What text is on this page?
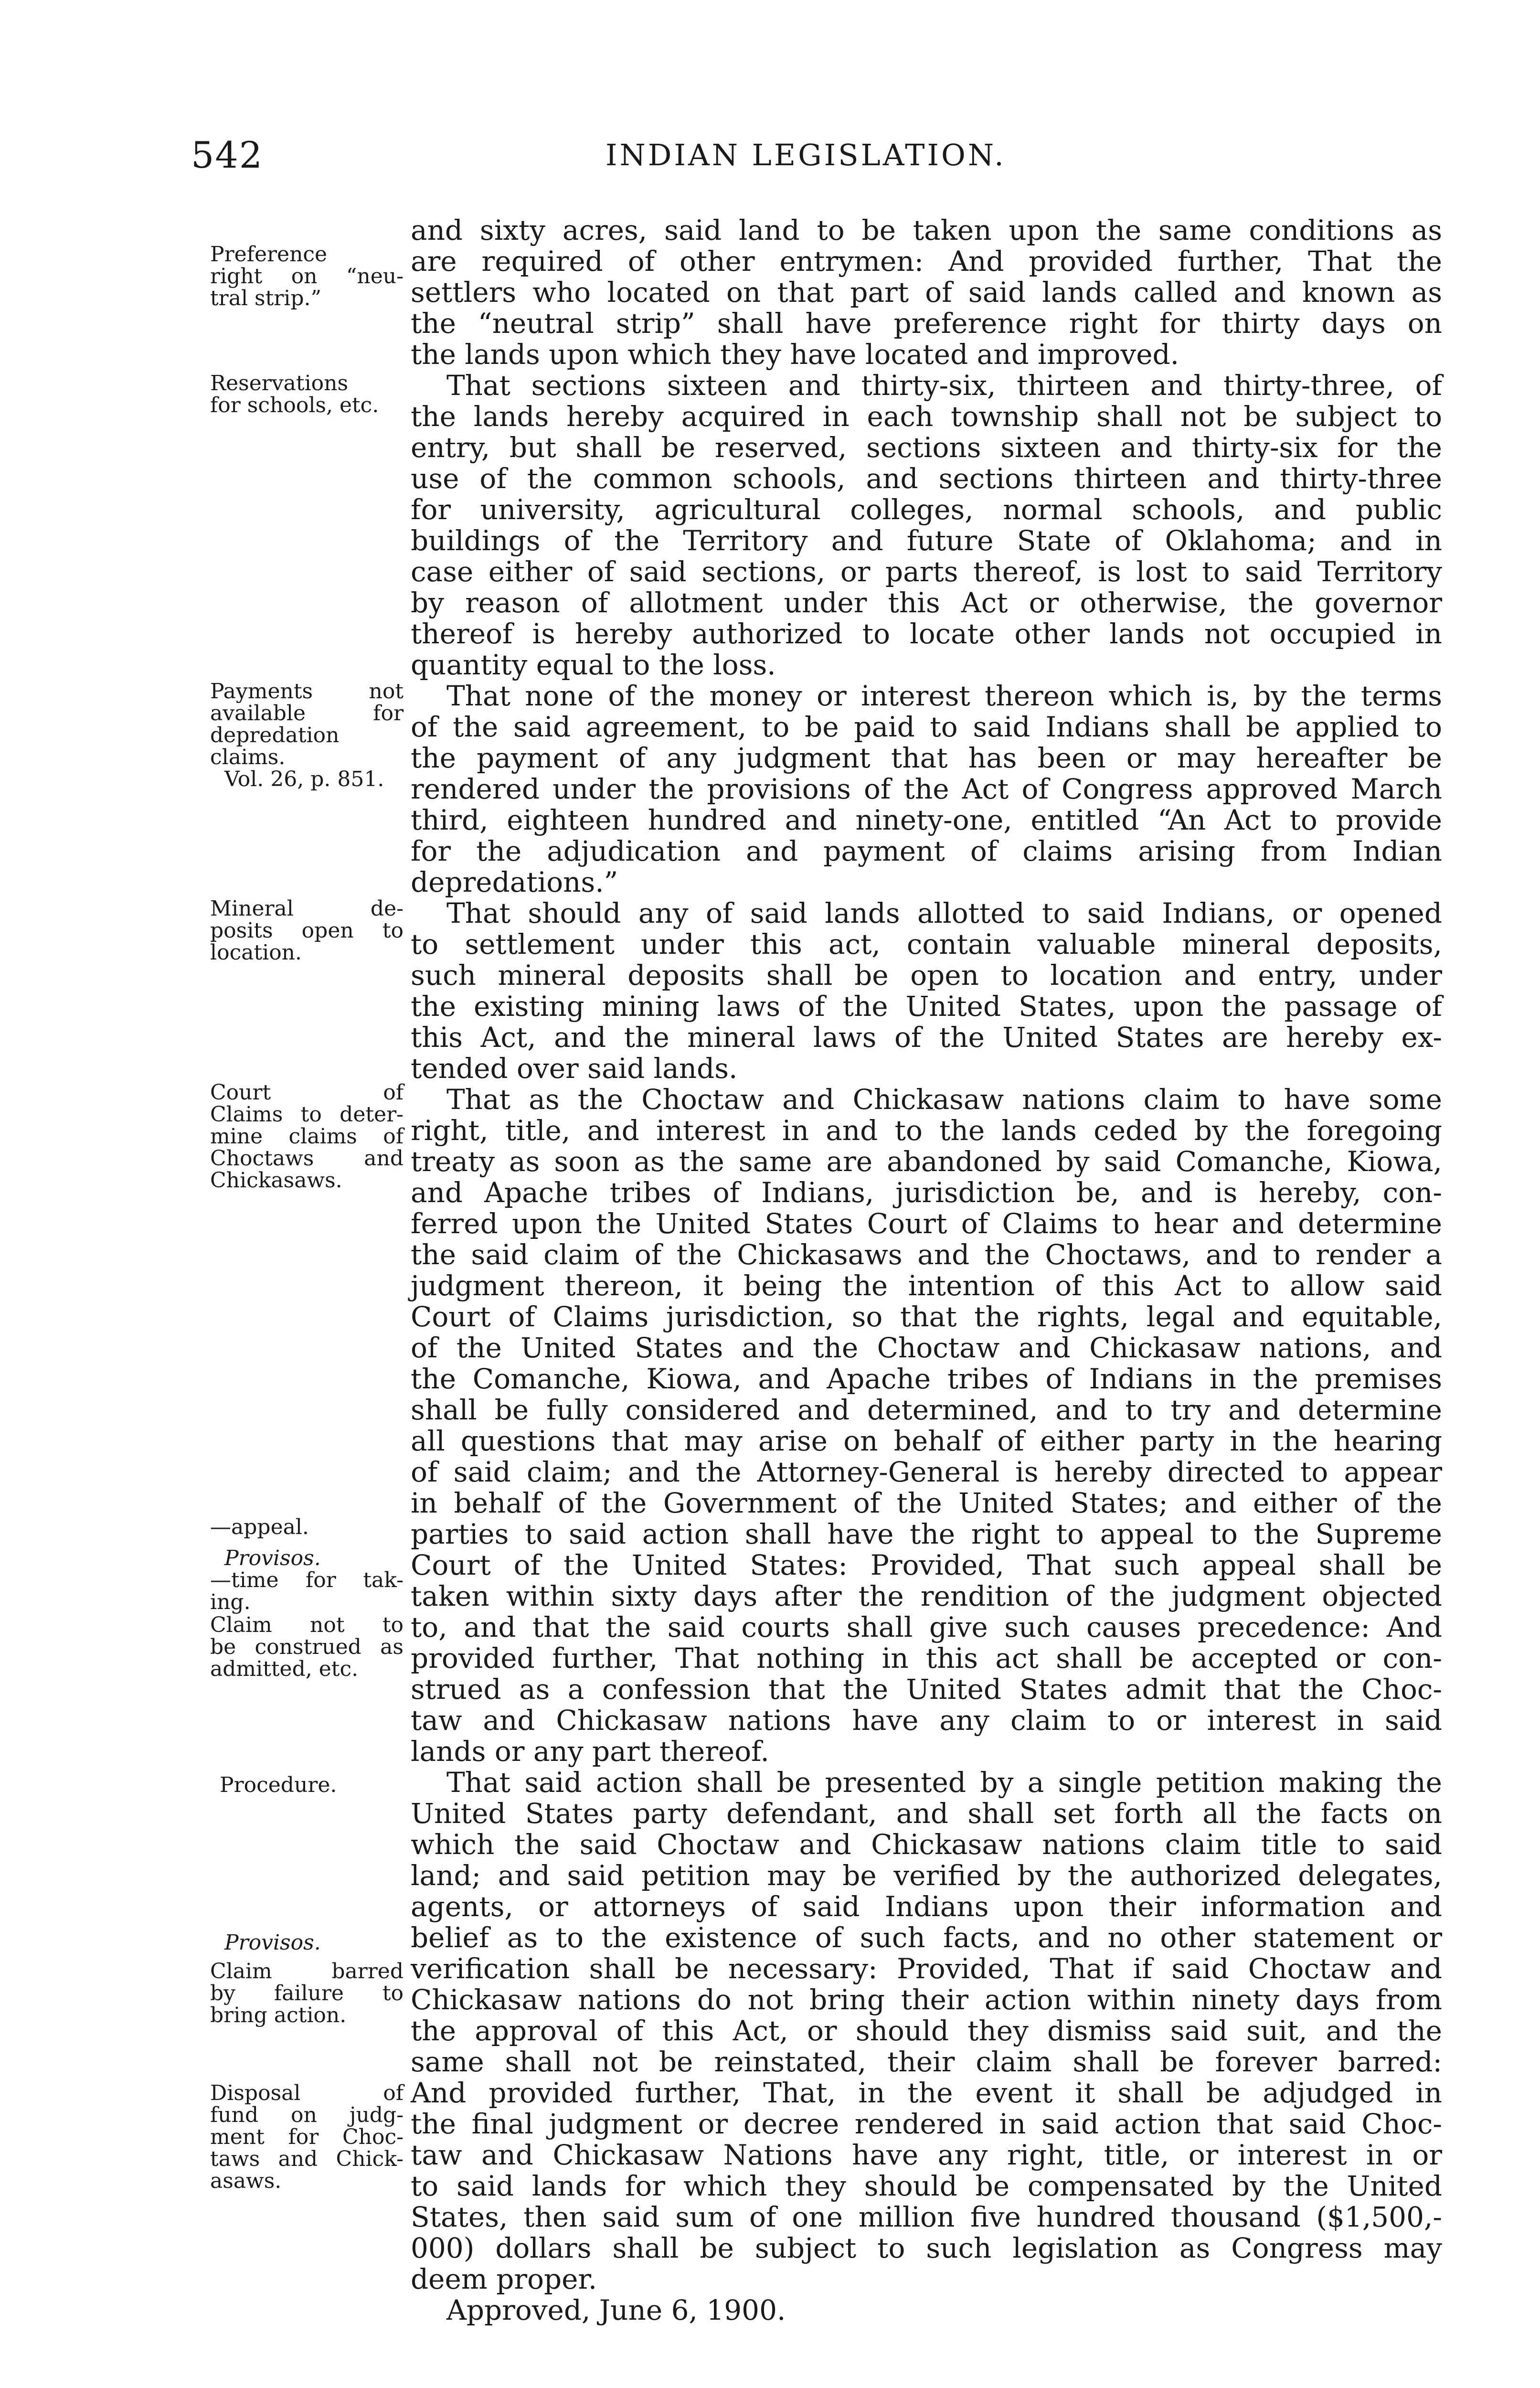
542	INDIAN LEGISLATION.
Preference
right on “neu-
tral strip.”
Reservations
for schools, etc.
Payments not
available for
depredation
claims.
Vol. 26, p. 851.
Mineral de-
posits open to
location.
Court of
Claims to deter-
mine claims of
Choctaws and
Chickasaws.
—appeal.
Provisos.
—time for tak-
ing.
Claim not to
be construed as
admitted, etc.
Procedure.
Provisos.
Claim barred
by failure to
bring action.
Disposal of
fund on judg-
ment for Choc-
taws and Chick-
asaws.
and sixty acres, said land to be taken upon the same conditions as
are required of other entrymen: And provided further, That the
settlers who located on that part of said lands called and known as
the “neutral strip” shall have preference right for thirty days on
the lands upon which they have located and improved.
That sections sixteen and thirty-six, thirteen and thirty-three, of
the lands hereby acquired in each township shall not be subject to
entry, but shall be reserved, sections sixteen and thirty-six for the
use of the common schools, and sections thirteen and thirty-three
for university, agricultural colleges, normal schools, and public
buildings of the Territory and future State of Oklahoma; and in
case either of said sections, or parts thereof, is lost to said Territory
by reason of allotment under this Act or otherwise, the governor
thereof is hereby authorized to locate other lands not occupied in
quantity equal to the loss.
That none of the money or interest thereon which is, by the terms
of the said agreement, to be paid to said Indians shall be applied to
the payment of any judgment that has been or may hereafter be
rendered under the provisions of the Act of Congress approved March
third, eighteen hundred and ninety-one, entitled “An Act to provide
for the adjudication and payment of claims arising from Indian
depredations.”
That should any of said lands allotted to said Indians, or opened
to settlement under this act, contain valuable mineral deposits,
such mineral deposits shall be open to location and entry, under
the existing mining laws of the United States, upon the passage of
this Act, and the mineral laws of the United States are hereby ex-
tended over said lands.
That as the Choctaw and Chickasaw nations claim to have some
right, title, and interest in and to the lands ceded by the foregoing
treaty as soon as the same are abandoned by said Comanche, Kiowa,
and Apache tribes of Indians, jurisdiction be, and is hereby, con-
ferred upon the United States Court of Claims to hear and determine
the said claim of the Chickasaws and the Choctaws, and to render a
judgment thereon, it being the intention of this Act to allow said
Court of Claims jurisdiction, so that the rights, legal and equitable,
of the United States and the Choctaw and Chickasaw nations, and
the Comanche, Kiowa, and Apache tribes of Indians in the premises
shall be fully considered and determined, and to try and determine
all questions that may arise on behalf of either party in the hearing
of said claim; and the Attorney-General is hereby directed to appear
in behalf of the Government of the United States; and either of the
parties to said action shall have the right to appeal to the Supreme
Court of the United States: Provided, That such appeal shall be
taken within sixty days after the rendition of the judgment objected
to, and that the said courts shall give such causes precedence: And
provided further, That nothing in this act shall be accepted or con-
strued as a confession that the United States admit that the Choc-
taw and Chickasaw nations have any claim to or interest in said
lands or any part thereof.
That said action shall be presented by a single petition making the
United States party defendant, and shall set forth all the facts on
which the said Choctaw and Chickasaw nations claim title to said
land; and said petition may be verified by the authorized delegates,
agents, or attorneys of said Indians upon their information and
belief as to the existence of such facts, and no other statement or
verification shall be necessary: Provided, That if said Choctaw and
Chickasaw nations do not bring their action within ninety days from
the approval of this Act, or should they dismiss said suit, and the
same shall not be reinstated, their claim shall be forever barred:
And provided further, That, in the event it shall be adjudged in
the final judgment or decree rendered in said action that said Choc-
taw and Chickasaw Nations have any right, title, or interest in or
to said lands for which they should be compensated by the United
States, then said sum of one million five hundred thousand ($1,500,-
000) dollars shall be subject to such legislation as Congress may
deem proper.
Approved, June 6, 1900.
